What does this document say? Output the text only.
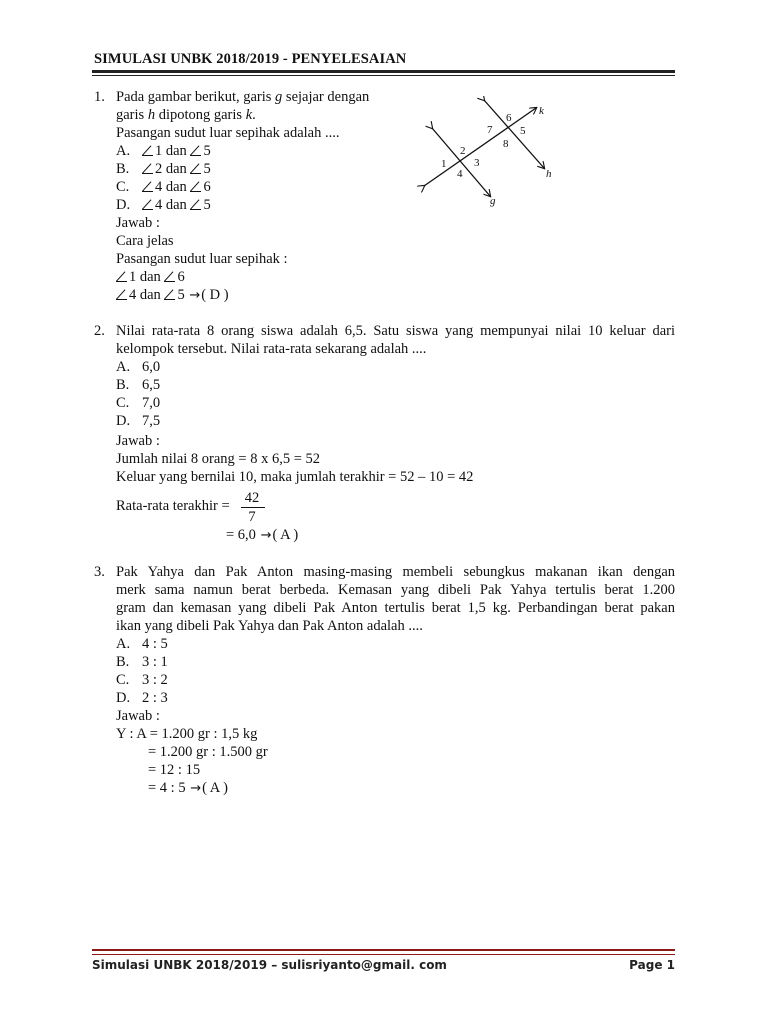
SIMULASI UNBK 2018/2019 - PENYELESAIAN
1. Pada gambar berikut, garis g sejajar dengan
garis h dipotong garis k.
Pasangan sudut luar sepihak adalah ....
A. 1 dan 5
B. 2 dan 5
C. 4 dan 6
D. 4 dan 5
Jawab :
Cara jelas
Pasangan sudut luar sepihak :
1 dan 6
4 dan 5 →( D )
1
2
3
4
5
6
7
8
k
h
g
2. Nilai rata-rata 8 orang siswa adalah 6,5. Satu siswa yang mempunyai nilai 10 keluar dari
kelompok tersebut. Nilai rata-rata sekarang adalah ....
A. 6,0
B. 6,5
C. 7,0
D. 7,5
Jawab :
Jumlah nilai 8 orang = 8 x 6,5 = 52
Keluar yang bernilai 10, maka jumlah terakhir = 52 – 10 = 42
Rata-rata terakhir =	42
7
= 6,0 →( A )
3. Pak Yahya dan Pak Anton masing-masing membeli sebungkus makanan ikan dengan
merk sama namun berat berbeda. Kemasan yang dibeli Pak Yahya tertulis berat 1.200
gram dan kemasan yang dibeli Pak Anton tertulis berat 1,5 kg. Perbandingan berat pakan
ikan yang dibeli Pak Yahya dan Pak Anton adalah ....
A. 4 : 5
B. 3 : 1
C. 3 : 2
D. 2 : 3
Jawab :
Y : A = 1.200 gr : 1,5 kg
= 1.200 gr : 1.500 gr
= 12 : 15
= 4 : 5 →( A )
Simulasi UNBK 2018/2019 – sulisriyanto@gmail. com	Page 1
